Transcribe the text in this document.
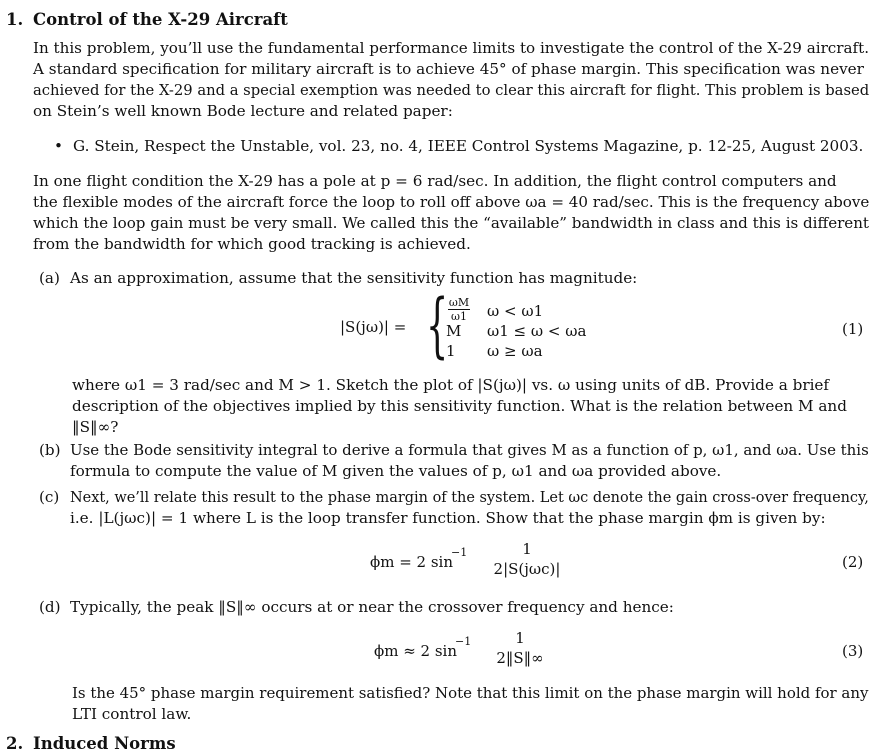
1. Control of the X-29 Aircraft
In this problem, you’ll use the fundamental performance limits to investigate the control of the X-29 aircraft.
A standard specification for military aircraft is to achieve 45° of phase margin. This specification was never
achieved for the X-29 and a special exemption was needed to clear this aircraft for flight. This problem is based
on Stein’s well known Bode lecture and related paper:
• G. Stein, Respect the Unstable, vol. 23, no. 4, IEEE Control Systems Magazine, p. 12-25, August 2003.
In one flight condition the X-29 has a pole at p = 6 rad/sec. In addition, the flight control computers and
the flexible modes of the aircraft force the loop to roll off above ωa = 40 rad/sec. This is the frequency above
which the loop gain must be very small. We called this the “available” bandwidth in class and this is different
from the bandwidth for which good tracking is achieved.
(a) As an approximation, assume that the sensitivity function has magnitude:
|S(jω)| = { ωM
ω1 ω < ω1
M ω1 ≤ ω < ωa
1 ω ≥ ωa
(1)
where ω1 = 3 rad/sec and M > 1. Sketch the plot of |S(jω)| vs. ω using units of dB. Provide a brief
description of the objectives implied by this sensitivity function. What is the relation between M and
‖S‖∞?
(b) Use the Bode sensitivity integral to derive a formula that gives M as a function of p, ω1, and ωa. Use this
formula to compute the value of M given the values of p, ω1 and ωa provided above.
(c) Next, we’ll relate this result to the phase margin of the system. Let ωc denote the gain cross-over frequency,
i.e. |L(jωc)| = 1 where L is the loop transfer function. Show that the phase margin ϕm is given by:
ϕm = 2 sin
−1	1
2|S(jωc)|	(2)
(d) Typically, the peak ‖S‖∞ occurs at or near the crossover frequency and hence:
ϕm ≈ 2 sin
−1	1
2‖S‖∞	(3)
Is the 45° phase margin requirement satisfied? Note that this limit on the phase margin will hold for any
LTI control law.
2. Induced Norms
